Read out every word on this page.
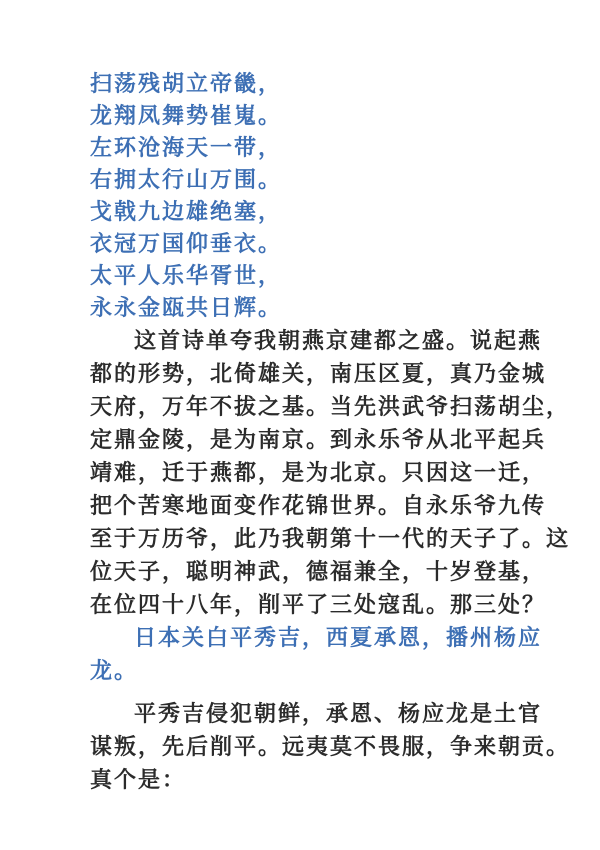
扫荡残胡立帝畿，
龙翔凤舞势崔嵬。
左环沧海天一带，
右拥太行山万围。
戈戟九边雄绝塞，
衣冠万国仰垂衣。
太平人乐华胥世，
永永金瓯共日辉。
这首诗单夸我朝燕京建都之盛。说起燕
都的形势，北倚雄关，南压区夏，真乃金城
天府，万年不拔之基。当先洪武爷扫荡胡尘，
定鼎金陵，是为南京。到永乐爷从北平起兵
靖难，迁于燕都，是为北京。只因这一迁，
把个苦寒地面变作花锦世界。自永乐爷九传
至于万历爷，此乃我朝第十一代的天子了。这
位天子，聪明神武，德福兼全，十岁登基，
在位四十八年，削平了三处寇乱。那三处？
日本关白平秀吉，西夏承恩，播州杨应
龙。
平秀吉侵犯朝鲜，承恩、杨应龙是土官
谋叛，先后削平。远夷莫不畏服，争来朝贡。
真个是：
